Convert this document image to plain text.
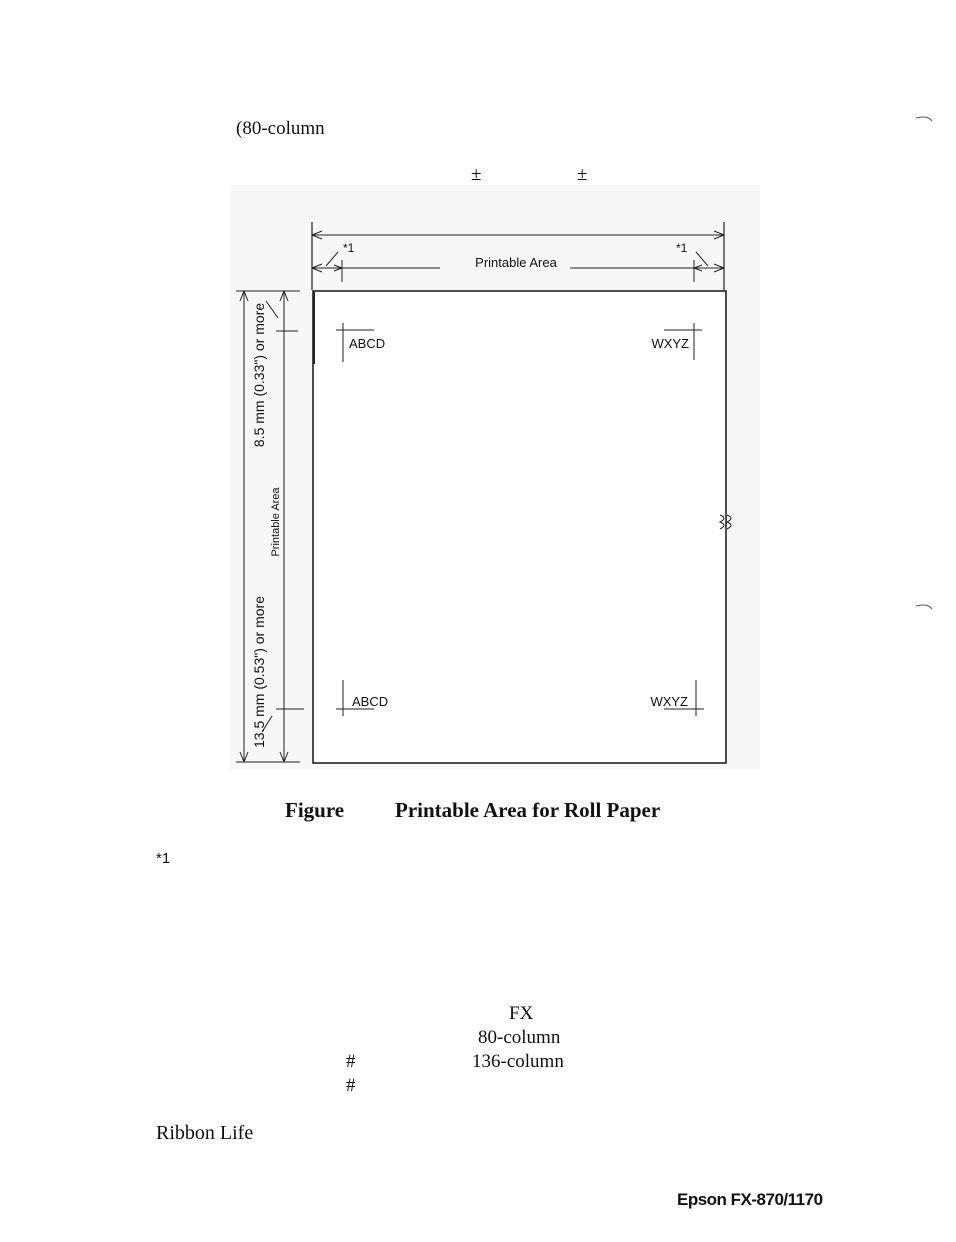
(80-column
±	±
*1	*1
Printable Area
ABCD	WXYZ
ABCD	WXYZ
8.5 mm (0.33") or more
13.5 mm (0.53") or more
Printable Area
Figure Printable Area for Roll Paper
*1
FX
80-column
#	136-column
#
Ribbon Life
Epson FX-870/1170
